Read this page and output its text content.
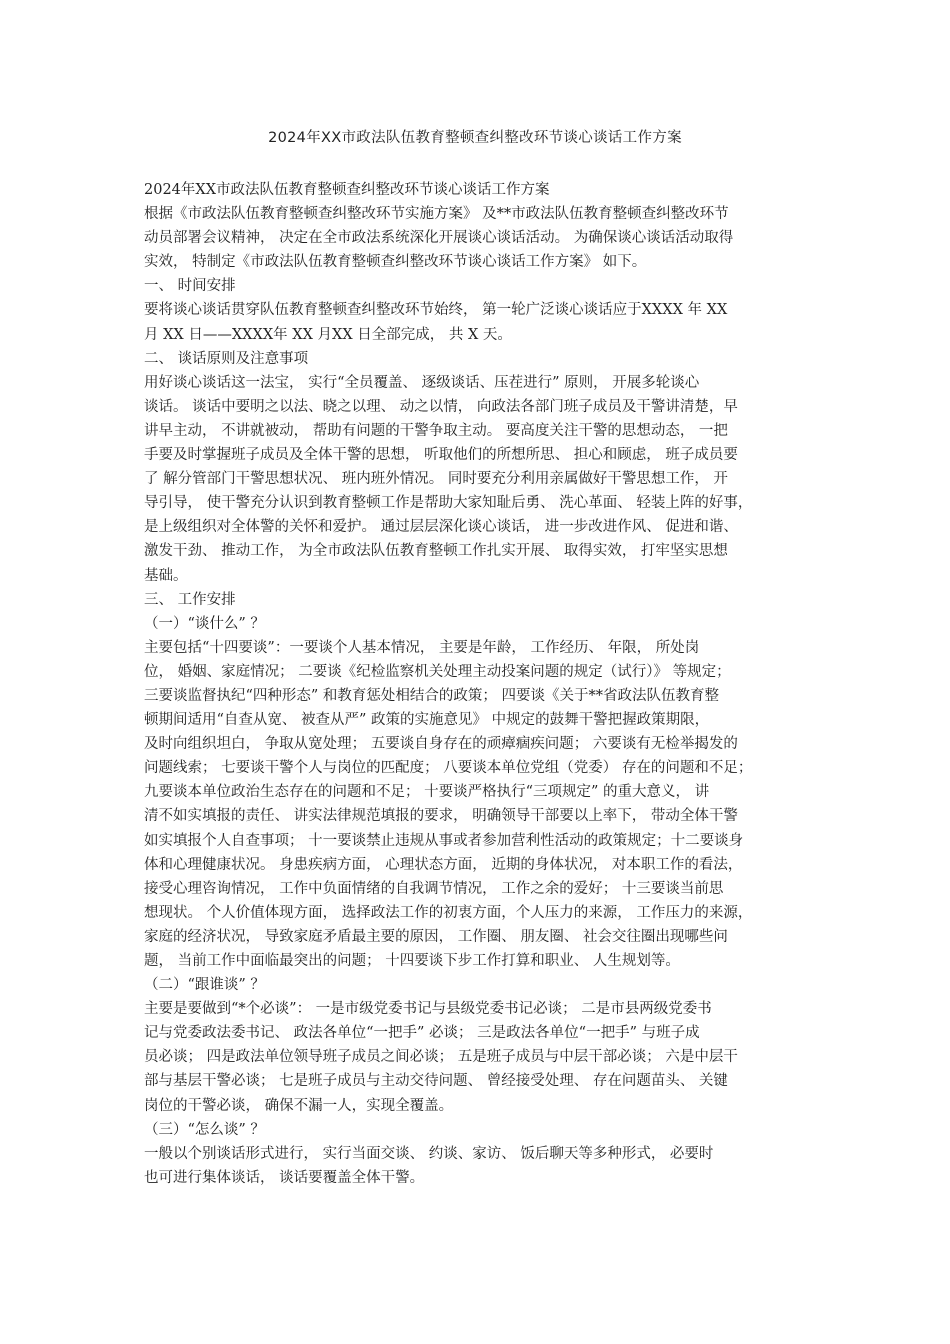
2024年XX市政法队伍教育整顿查纠整改环节谈心谈话工作方案
2024年XX市政法队伍教育整顿查纠整改环节谈心谈话工作方案
根据《市政法队伍教育整顿查纠整改环节实施方案》 及**市政法队伍教育整顿查纠整改环节
动员部署会议精神， 决定在全市政法系统深化开展谈心谈话活动。 为确保谈心谈话活动取得
实效， 特制定《市政法队伍教育整顿查纠整改环节谈心谈话工作方案》 如下。
一、 时间安排
要将谈心谈话贯穿队伍教育整顿查纠整改环节始终， 第一轮广泛谈心谈话应于XXXX 年 XX
月 XX 日——XXXX年 XX 月XX 日全部完成， 共 X 天。
二、 谈话原则及注意事项
用好谈心谈话这一法宝， 实行“全员覆盖、 逐级谈话、压茬进行” 原则， 开展多轮谈心
谈话。 谈话中要明之以法、晓之以理、 动之以情， 向政法各部门班子成员及干警讲清楚，早
讲早主动， 不讲就被动， 帮助有问题的干警争取主动。 要高度关注干警的思想动态， 一把
手要及时掌握班子成员及全体干警的思想， 听取他们的所想所思、 担心和顾虑， 班子成员要
了 解分管部门干警思想状况、 班内班外情况。 同时要充分利用亲属做好干警思想工作， 开
导引导， 使干警充分认识到教育整顿工作是帮助大家知耻后勇、 洗心革面、 轻装上阵的好事，
是上级组织对全体警的关怀和爱护。 通过层层深化谈心谈话， 进一步改进作风、 促进和谐、
激发干劲、 推动工作， 为全市政法队伍教育整顿工作扎实开展、 取得实效， 打牢坚实思想
基础。
三、 工作安排
（一）“谈什么” ？
主要包括“十四要谈”：一要谈个人基本情况， 主要是年龄， 工作经历、 年限， 所处岗
位， 婚姻、家庭情况； 二要谈《纪检监察机关处理主动投案问题的规定（试行）》 等规定；
三要谈监督执纪“四种形态” 和教育惩处相结合的政策； 四要谈《关于**省政法队伍教育整
顿期间适用“自查从宽、 被查从严” 政策的实施意见》 中规定的鼓舞干警把握政策期限，
及时向组织坦白， 争取从宽处理； 五要谈自身存在的顽瘴痼疾问题； 六要谈有无检举揭发的
问题线索； 七要谈干警个人与岗位的匹配度； 八要谈本单位党组（党委） 存在的问题和不足；
九要谈本单位政治生态存在的问题和不足； 十要谈严格执行“三项规定” 的重大意义， 讲
清不如实填报的责任、 讲实法律规范填报的要求， 明确领导干部要以上率下， 带动全体干警
如实填报个人自查事项； 十一要谈禁止违规从事或者参加营利性活动的政策规定；十二要谈身
体和心理健康状况。 身患疾病方面， 心理状态方面， 近期的身体状况， 对本职工作的看法，
接受心理咨询情况， 工作中负面情绪的自我调节情况， 工作之余的爱好； 十三要谈当前思
想现状。 个人价值体现方面， 选择政法工作的初衷方面，个人压力的来源， 工作压力的来源，
家庭的经济状况， 导致家庭矛盾最主要的原因， 工作圈、 朋友圈、 社会交往圈出现哪些问
题， 当前工作中面临最突出的问题； 十四要谈下步工作打算和职业、 人生规划等。
（二）“跟谁谈” ？
主要是要做到“*个必谈”： 一是市级党委书记与县级党委书记必谈； 二是市县两级党委书
记与党委政法委书记、 政法各单位“一把手” 必谈； 三是政法各单位“一把手” 与班子成
员必谈； 四是政法单位领导班子成员之间必谈； 五是班子成员与中层干部必谈； 六是中层干
部与基层干警必谈； 七是班子成员与主动交待问题、 曾经接受处理、 存在问题苗头、 关键
岗位的干警必谈， 确保不漏一人，实现全覆盖。
（三）“怎么谈” ？
一般以个别谈话形式进行， 实行当面交谈、 约谈、家访、 饭后聊天等多种形式， 必要时
也可进行集体谈话， 谈话要覆盖全体干警。
